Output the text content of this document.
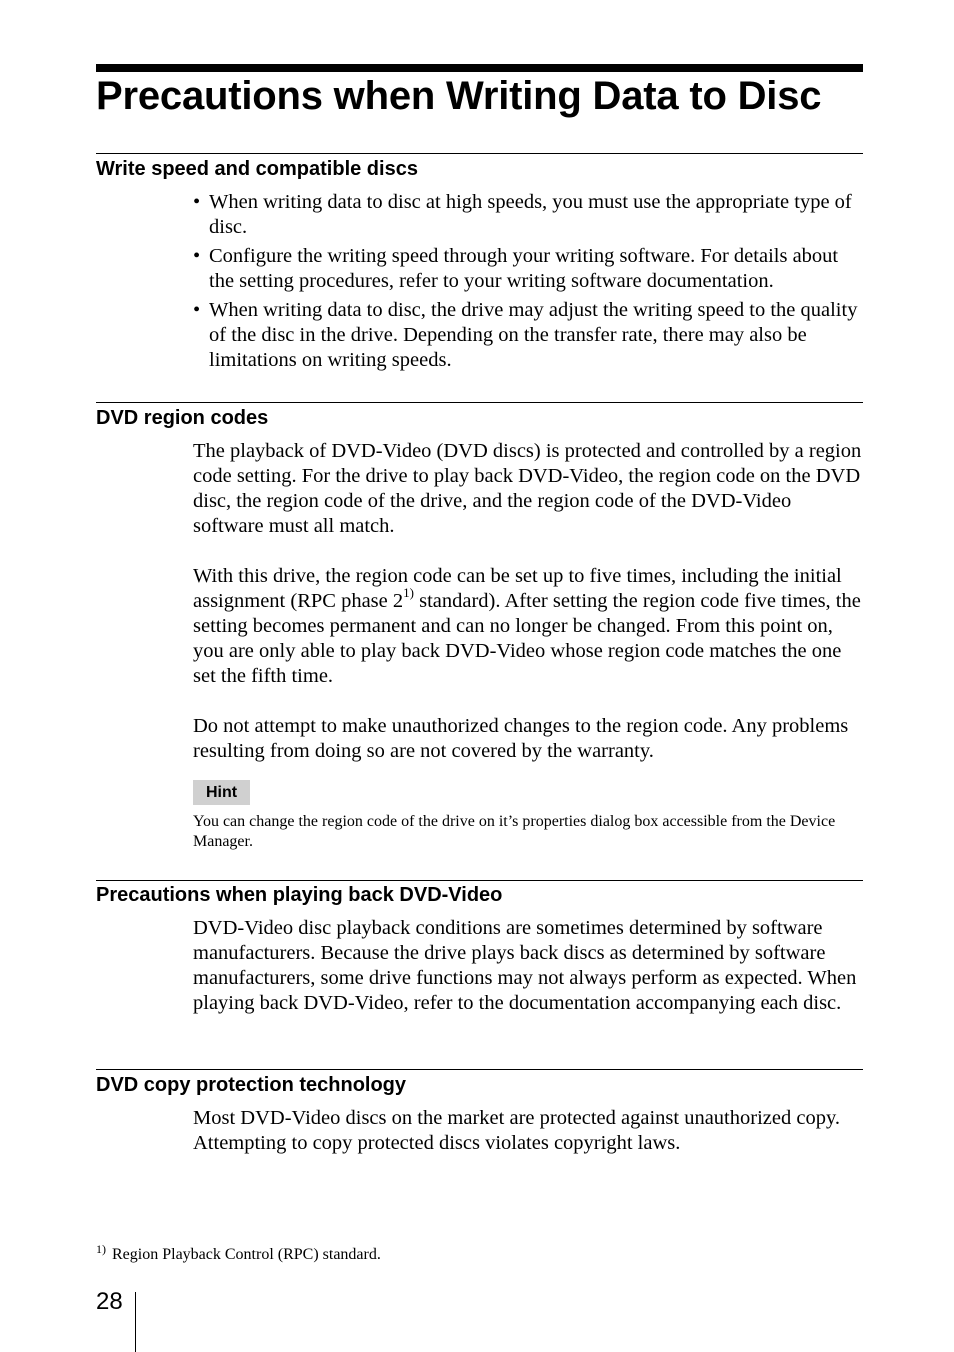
Precautions when Writing Data to Disc
Write speed and compatible discs
• When writing data to disc at high speeds, you must use the appropriate type of disc.
• Configure the writing speed through your writing software. For details about the setting procedures, refer to your writing software documentation.
• When writing data to disc, the drive may adjust the writing speed to the quality of the disc in the drive. Depending on the transfer rate, there may also be limitations on writing speeds.
DVD region codes

The playback of DVD-Video (DVD discs) is protected and controlled by a region code setting. For the drive to play back DVD-Video, the region code on the DVD disc, the region code of the drive, and the region code of the DVD-Video software must all match.

With this drive, the region code can be set up to five times, including the initial assignment (RPC phase 2$^{1)}$ standard). After setting the region code five times, the setting becomes permanent and can no longer be changed. From this point on, you are only able to play back DVD-Video whose region code matches the one set the fifth time.

Do not attempt to make unauthorized changes to the region code. Any problems resulting from doing so are not covered by the warranty.

Hint
You can change the region code of the drive on it’s properties dialog box accessible from the Device Manager.
Precautions when playing back DVD-Video

DVD-Video disc playback conditions are sometimes determined by software manufacturers. Because the drive plays back discs as determined by software manufacturers, some drive functions may not always perform as expected. When playing back DVD-Video, refer to the documentation accompanying each disc.

DVD copy protection technology

Most DVD-Video discs on the market are protected against unauthorized copy. Attempting to copy protected discs violates copyright laws.

$^{1)}$ Region Playback Control (RPC) standard.
28
